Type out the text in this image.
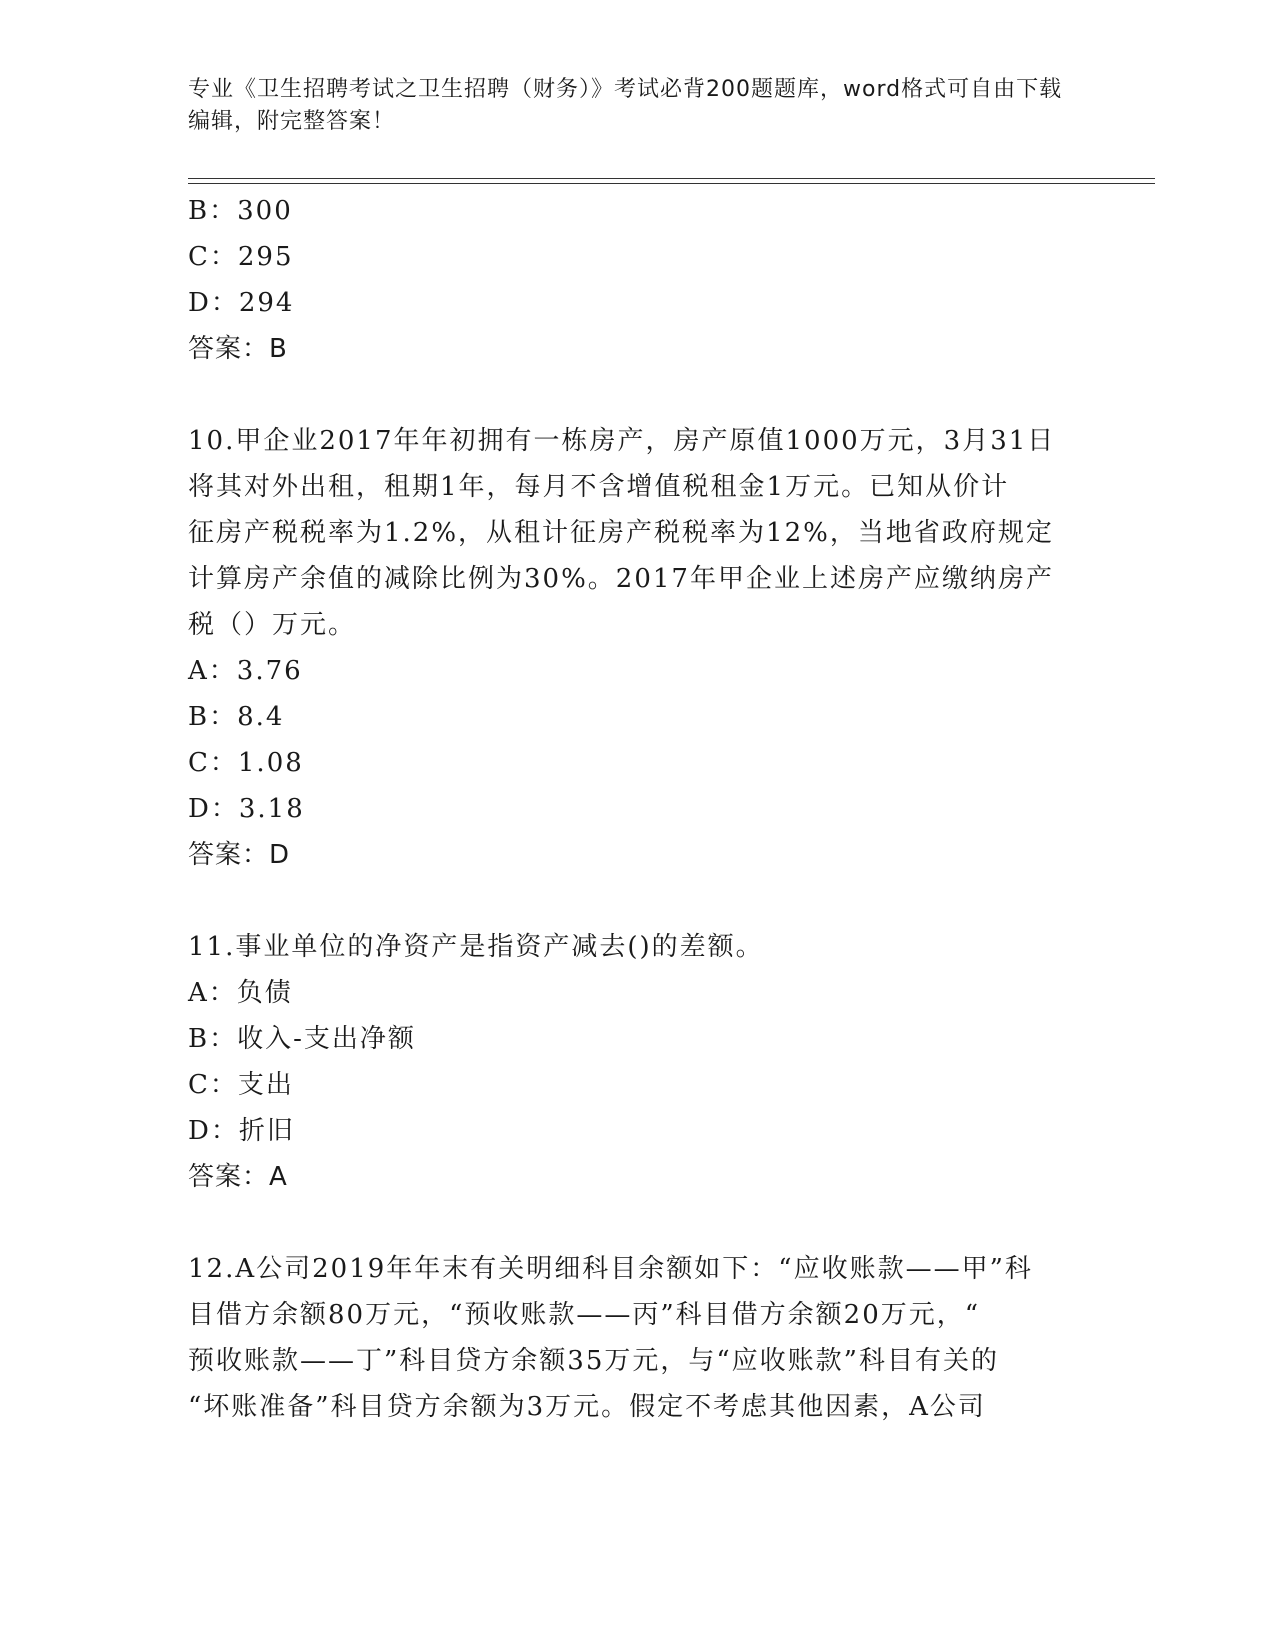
专业《卫生招聘考试之卫生招聘（财务）》考试必背200题题库，word格式可自由下载编辑，附完整答案！
B：300
C：295
D：294
答案：B
10.甲企业2017年年初拥有一栋房产，房产原值1000万元，3月31日
将其对外出租，租期1年，每月不含增值税租金1万元。已知从价计
征房产税税率为1.2%，从租计征房产税税率为12%，当地省政府规定
计算房产余值的减除比例为30%。2017年甲企业上述房产应缴纳房产
税（）万元。
A：3.76
B：8.4
C：1.08
D：3.18
答案：D
11.事业单位的净资产是指资产减去()的差额。
A：负债
B：收入-支出净额
C：支出
D：折旧
答案：A
12.A公司2019年年末有关明细科目余额如下：“应收账款——甲”科
目借方余额80万元，“预收账款——丙”科目借方余额20万元，“
预收账款——丁”科目贷方余额35万元，与“应收账款”科目有关的
“坏账准备”科目贷方余额为3万元。假定不考虑其他因素，A公司
